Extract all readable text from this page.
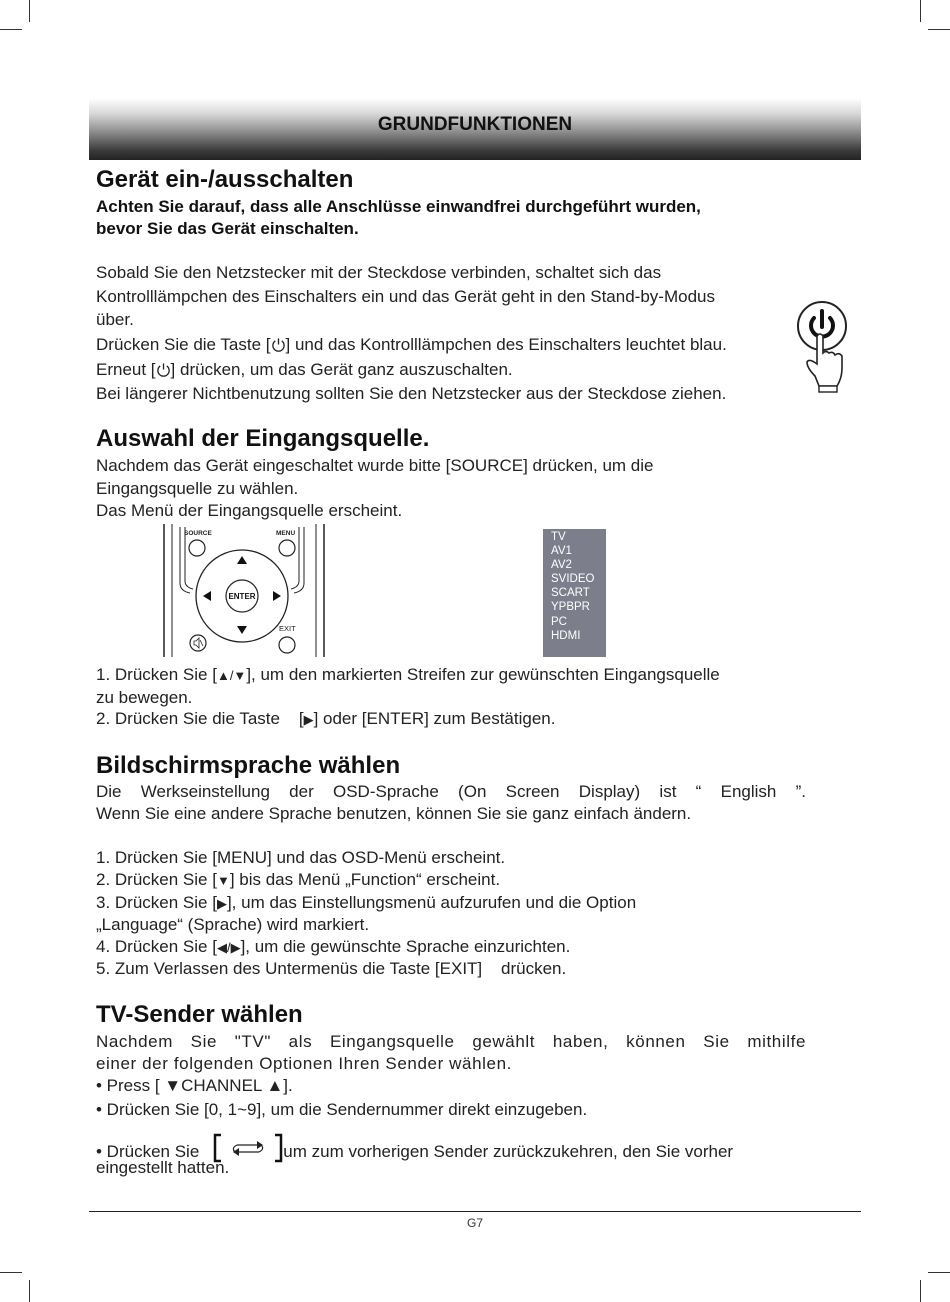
GRUNDFUNKTIONEN
Gerät ein-/ausschalten
Achten Sie darauf, dass alle Anschlüsse einwandfrei durchgeführt wurden,
bevor Sie das Gerät einschalten.
Sobald Sie den Netzstecker mit der Steckdose verbinden, schaltet sich das
Kontrolllämpchen des Einschalters ein und das Gerät geht in den Stand-by-Modus
über.
Drücken Sie die Taste [ ] und das Kontrolllämpchen des Einschalters leuchtet blau.
Erneut [ ] drücken, um das Gerät ganz auszuschalten.
Bei längerer Nichtbenutzung sollten Sie den Netzstecker aus der Steckdose ziehen.
Auswahl der Eingangsquelle.
Nachdem das Gerät eingeschaltet wurde bitte [SOURCE] drücken, um die
Eingangsquelle zu wählen.
Das Menü der Eingangsquelle erscheint.
SOURCE	MENU
ENTER
EXIT
TV
AV1
AV2
SVIDEO
SCART
YPBPR
PC
HDMI
1. Drücken Sie [▲/▼], um den markierten Streifen zur gewünschten Eingangsquelle
zu bewegen.
2. Drücken Sie die Taste    [▶] oder [ENTER] zum Bestätigen.
Bildschirmsprache wählen
Die Werkseinstellung der OSD-Sprache (On Screen Display) ist “ English ”.
Wenn Sie eine andere Sprache benutzen, können Sie sie ganz einfach ändern.
1. Drücken Sie [MENU] und das OSD-Menü erscheint.
2. Drücken Sie [▼] bis das Menü „Function“ erscheint.
3. Drücken Sie [▶], um das Einstellungsmenü aufzurufen und die Option
„Language“ (Sprache) wird markiert.
4. Drücken Sie [◀/▶], um die gewünschte Sprache einzurichten.
5. Zum Verlassen des Untermenüs die Taste [EXIT]    drücken.
TV-Sender wählen
Nachdem Sie "TV" als Eingangsquelle gewählt haben, können Sie mithilfe
einer der folgenden Optionen Ihren Sender wählen.
• Press [ ▼CHANNEL ▲].
• Drücken Sie [0, 1~9], um die Sendernummer direkt einzugeben.
• Drücken Sie	um zum vorherigen Sender zurückzukehren, den Sie vorher
eingestellt hatten.
G7
